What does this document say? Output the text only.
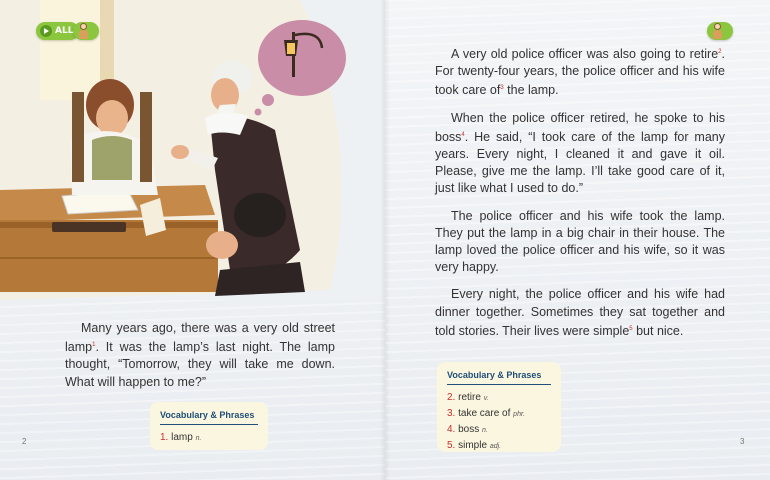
ALL

Many years ago, there was a very old street lamp$^1$. It was the lamp’s last night. The lamp thought, “Tomorrow, they will take me down. What will happen to me?”

Vocabulary & Phrases
1. lamp n.
2

A very old police officer was also going to retire$^2$. For twenty-four years, the police officer and his wife took care $of^3$ the lamp.

When the police officer retired, he spoke to his boss$^4$. He said, “I took care of the lamp for many years. Every night, I cleaned it and gave it oil. Please, give me the lamp. I’ll take good care of it, just like what I used to do.”

The police officer and his wife took the lamp. They put the lamp in a big chair in their house. The lamp loved the police officer and his wife, so it was very happy.

Every night, the police officer and his wife had dinner together. Sometimes they sat together and told stories. Their lives were simple$^5$ but nice.

Vocabulary & Phrases
2. retire v.
3. take care of phr.
4. boss n.
5. simple adj.
3
